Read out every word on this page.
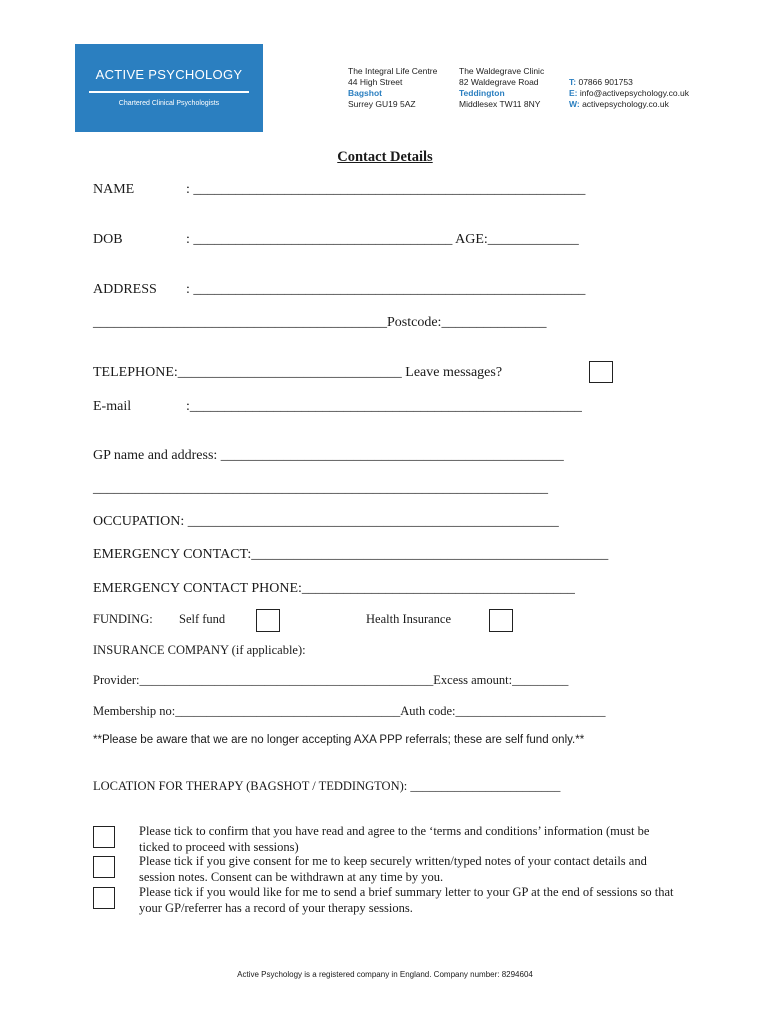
ACTIVE PSYCHOLOGY
Chartered Clinical Psychologists
The Integral Life Centre
44 High Street
Bagshot
Surrey GU19 5AZ
The Waldegrave Clinic
82 Waldegrave Road
Teddington
Middlesex TW11 8NY
T: 07866 901753
E: info@activepsychology.co.uk
W: activepsychology.co.uk
Contact Details
NAME	: ________________________________________________________
DOB	: _____________________________________ AGE:_____________
ADDRESS : ________________________________________________________
__________________________________________Postcode:_______________
TELEPHONE:________________________________ Leave messages?
E-mail	:________________________________________________________
GP name and address: _________________________________________________
_________________________________________________________________
OCCUPATION: _____________________________________________________
EMERGENCY CONTACT:___________________________________________________
EMERGENCY CONTACT PHONE:_______________________________________
FUNDING: Self fund	Health Insurance
INSURANCE COMPANY (if applicable):
Provider:_______________________________________________Excess amount:_________
Membership no:____________________________________Auth code:________________________
**Please be aware that we are no longer accepting AXA PPP referrals; these are self fund only.**
LOCATION FOR THERAPY (BAGSHOT / TEDDINGTON): ________________________
Please tick to confirm that you have read and agree to the ‘terms and conditions’ information (must be ticked to proceed with sessions)
Please tick if you give consent for me to keep securely written/typed notes of your contact details and session notes. Consent can be withdrawn at any time by you.
Please tick if you would like for me to send a brief summary letter to your GP at the end of sessions so that your GP/referrer has a record of your therapy sessions.
Active Psychology is a registered company in England. Company number: 8294604
